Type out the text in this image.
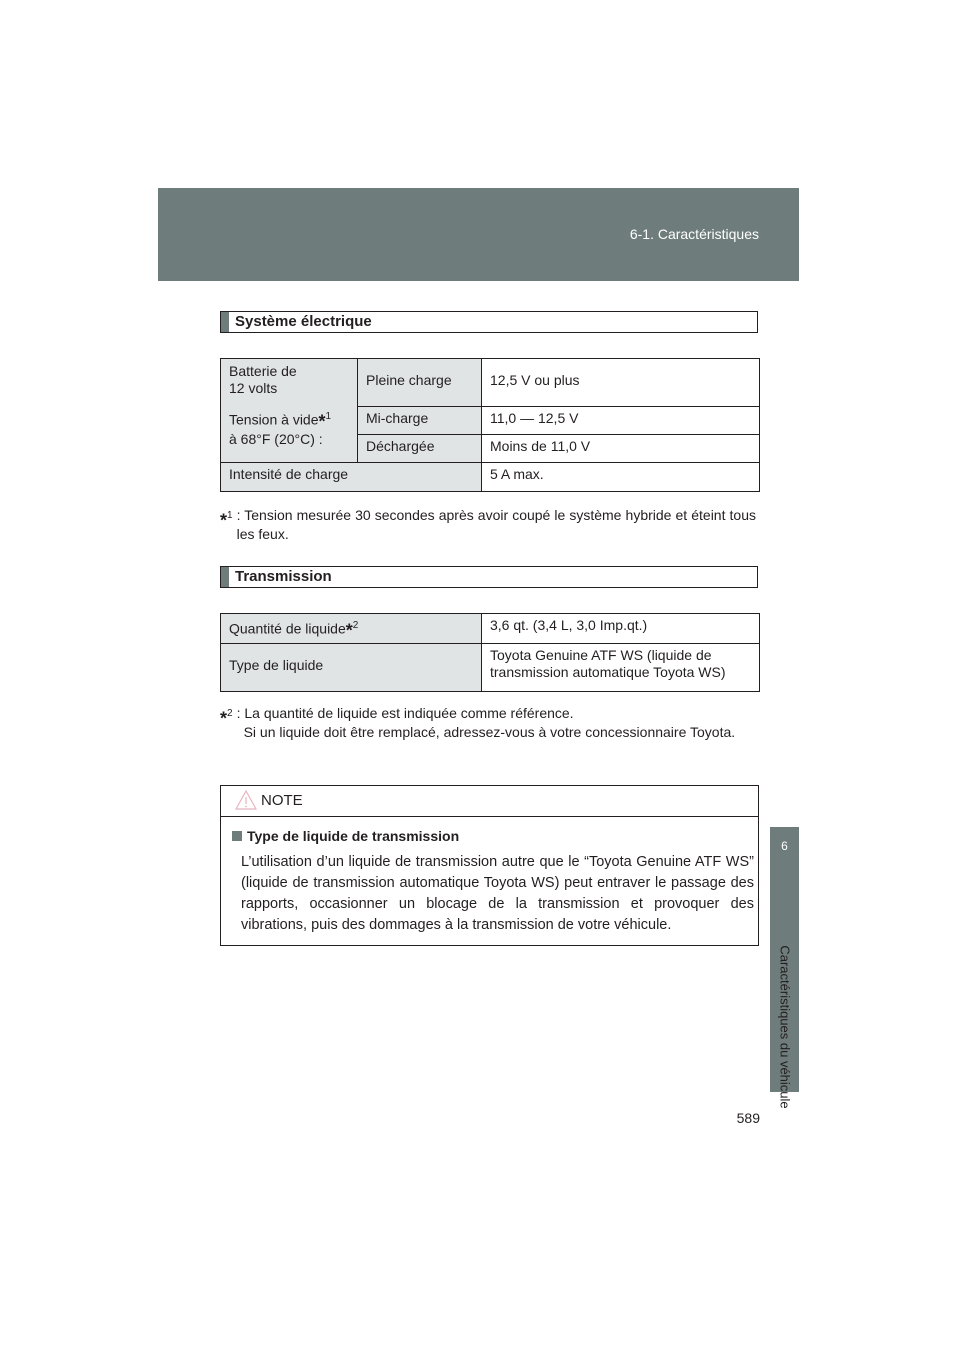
6-1. Caractéristiques
6
Caractéristiques du véhicule
Système électrique
Batterie de
12 volts
Tension à vide*$^1$
à 68°F (20°C) :	Pleine charge	12,5 V ou plus
	Mi-charge	11,0 — 12,5 V
	Déchargée	Moins de 11,0 V
Intensité de charge		5 A max.
*$^1$ : Tension mesurée 30 secondes après avoir coupé le système hybride et éteint tous les feux.
Transmission
Quantité de liquide*$^2$	3,6 qt. (3,4 L, 3,0 Imp.qt.)
Type de liquide	Toyota Genuine ATF WS (liquide de transmission automatique Toyota WS)
*$^2$ : La quantité de liquide est indiquée comme référence.
Si un liquide doit être remplacé, adressez-vous à votre concessionnaire Toyota.
NOTE
Type de liquide de transmission
L’utilisation d’un liquide de transmission autre que le “Toyota Genuine ATF WS” (liquide de transmission automatique Toyota WS) peut entraver le passage des rapports, occasionner un blocage de la transmission et provoquer des vibrations, puis des dommages à la transmission de votre véhicule.
589
